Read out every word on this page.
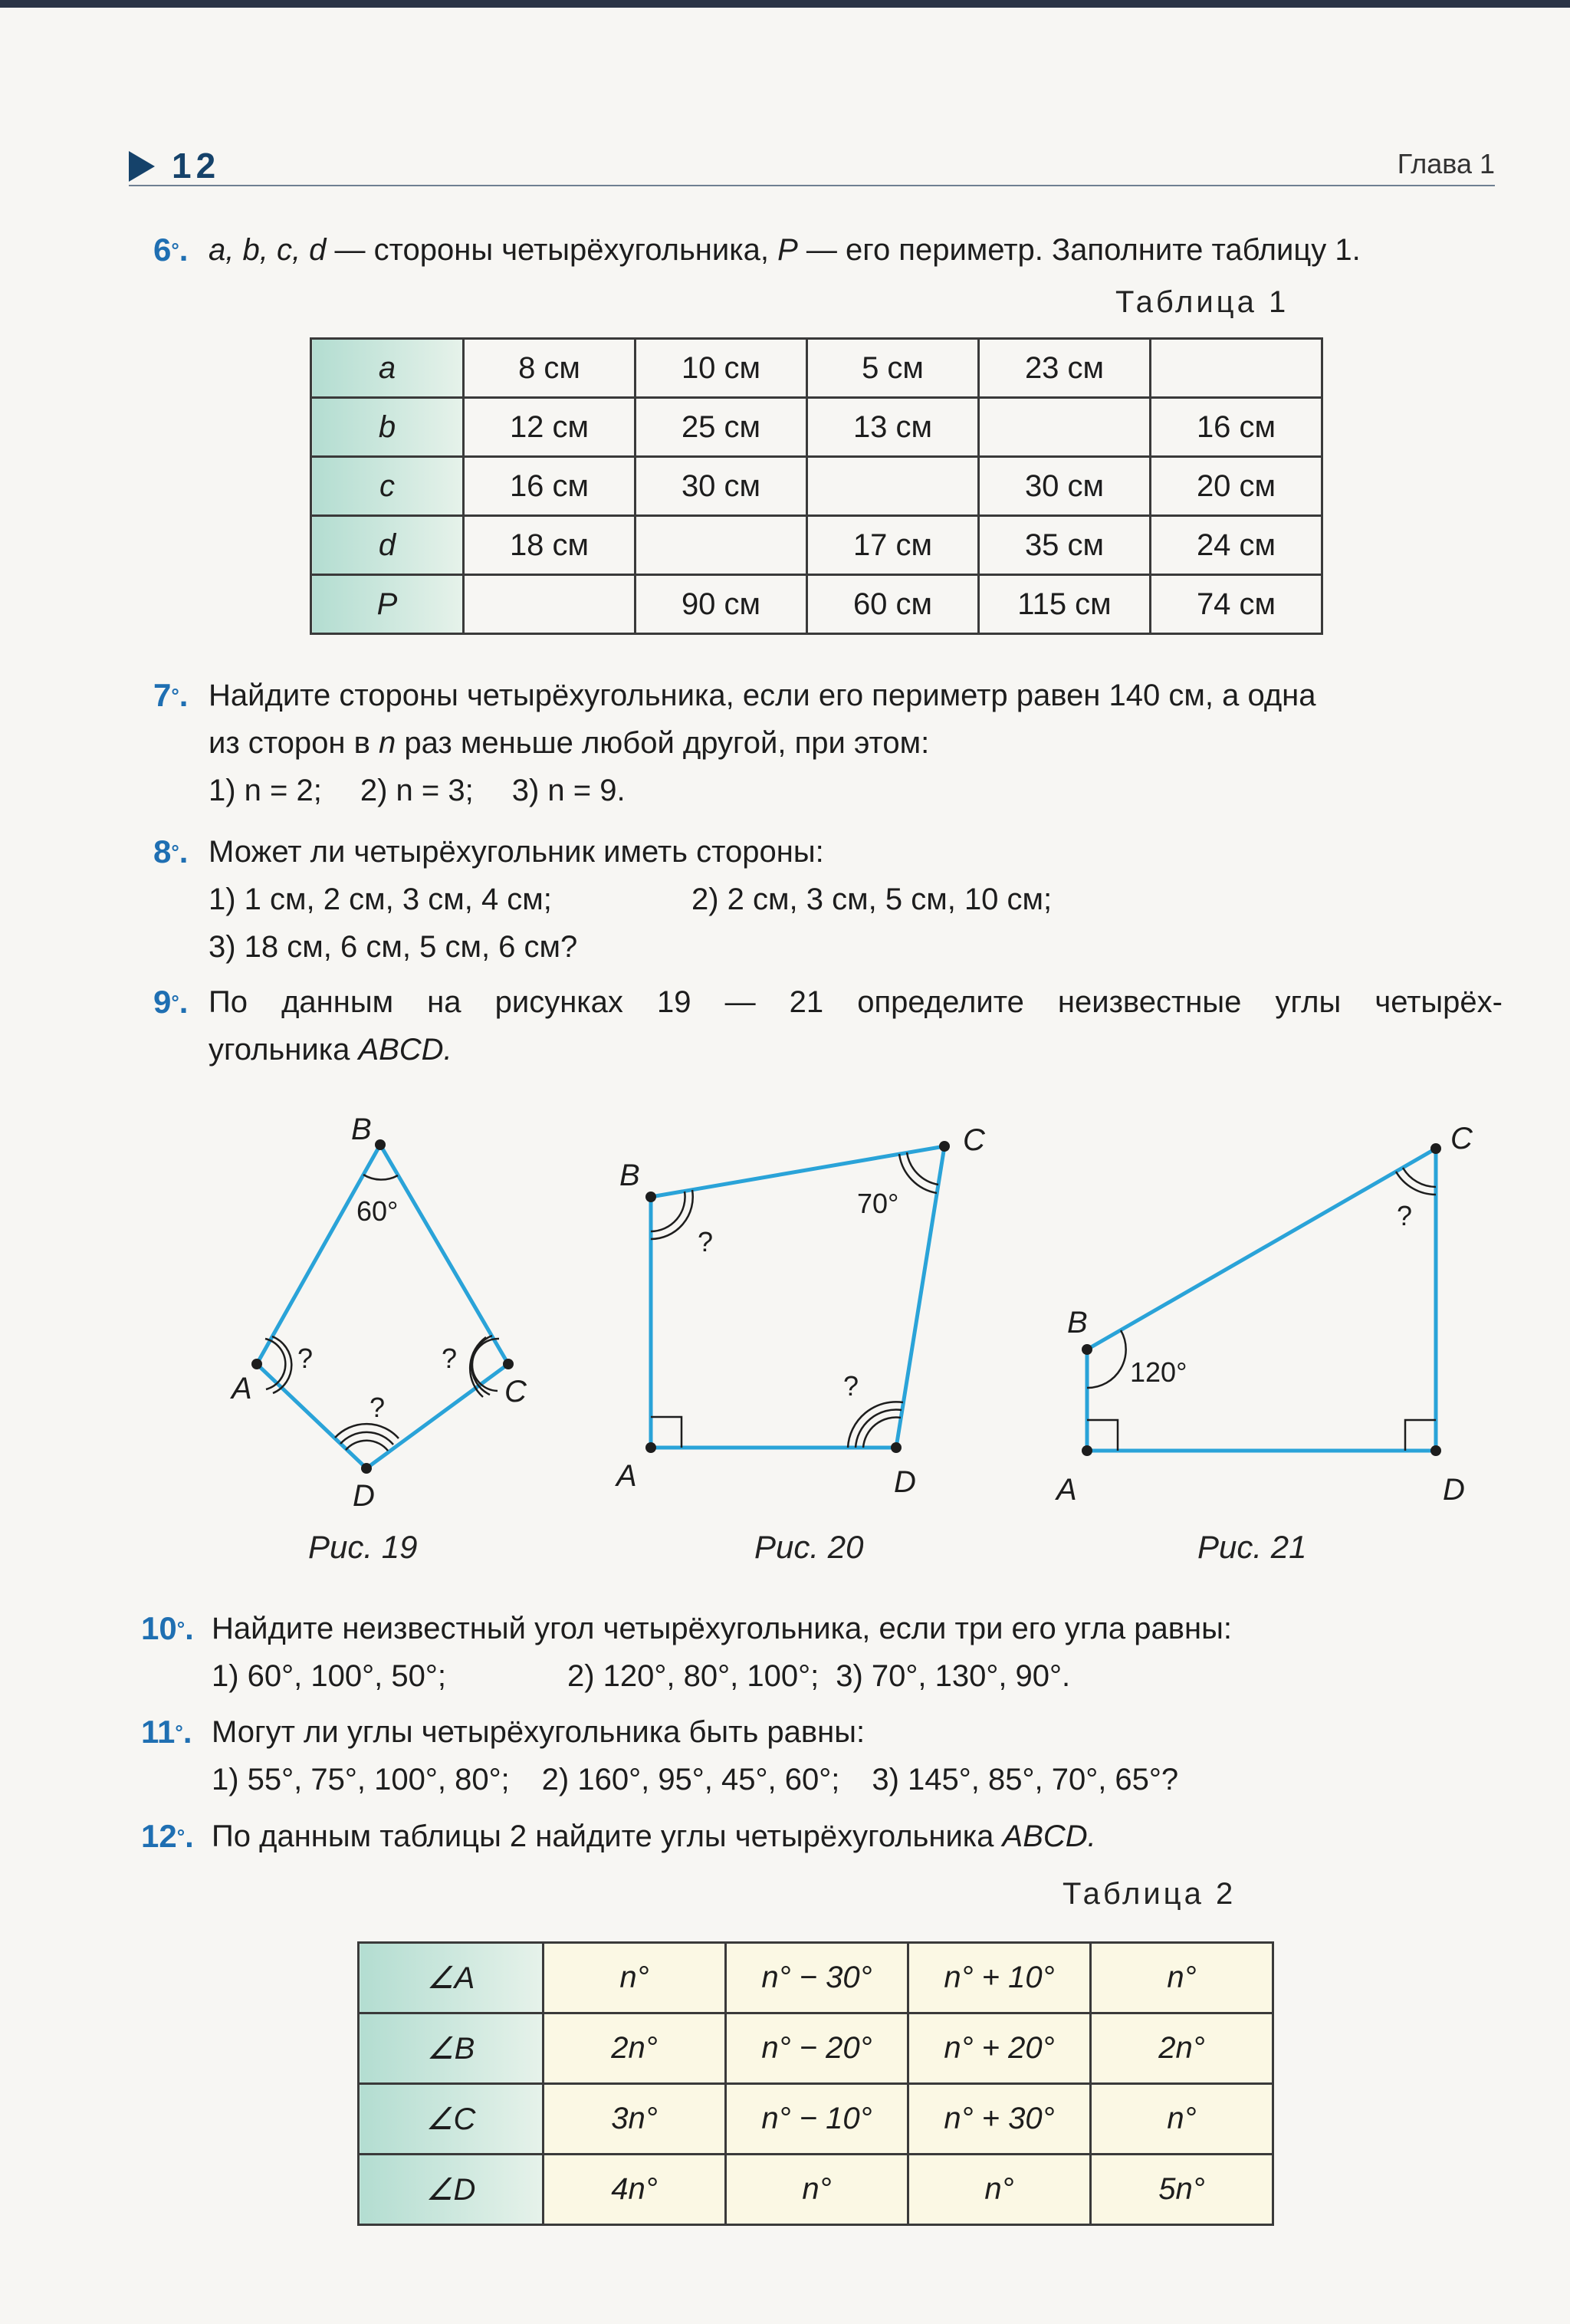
12	Глава 1
6°. a, b, c, d — стороны четырёхугольника, P — его периметр. Заполните таблицу 1.
Таблица 1
a	8 см	10 см	5 см	23 см	
b	12 см	25 см	13 см		16 см
c	16 см	30 см		30 см	20 см
d	18 см		17 см	35 см	24 см
P		90 см	60 см	115 см	74 см
7°. Найдите стороны четырёхугольника, если его периметр равен 140 см, а одна
из сторон в n раз меньше любой другой, при этом:
1) n = 2; 2) n = 3; 3) n = 9.
8°. Может ли четырёхугольник иметь стороны:
1) 1 см, 2 см, 3 см, 4 см;	2) 2 см, 3 см, 5 см, 10 см;
3) 18 см, 6 см, 5 см, 6 см?
9°. По данным на рисунках 19 — 21 определите неизвестные углы четырёх-
угольника ABCD.
B
A	C
D
60°
?	?
?
Рис. 19
B
C
A	D
70°
?
?
Рис. 20
B
C
A	D
120°
?
Рис. 21
10°. Найдите неизвестный угол четырёхугольника, если три его угла равны:
1) 60°, 100°, 50°;	2) 120°, 80°, 100°; 3) 70°, 130°, 90°.
11°. Могут ли углы четырёхугольника быть равны:
1) 55°, 75°, 100°, 80°; 2) 160°, 95°, 45°, 60°; 3) 145°, 85°, 70°, 65°?
12°. По данным таблицы 2 найдите углы четырёхугольника ABCD.
Таблица 2
∠A	n°	n° − 30°	n° + 10°	n°
∠B	2n°	n° − 20°	n° + 20°	2n°
∠C	3n°	n° − 10°	n° + 30°	n°
∠D	4n°	n°	n°	5n°
